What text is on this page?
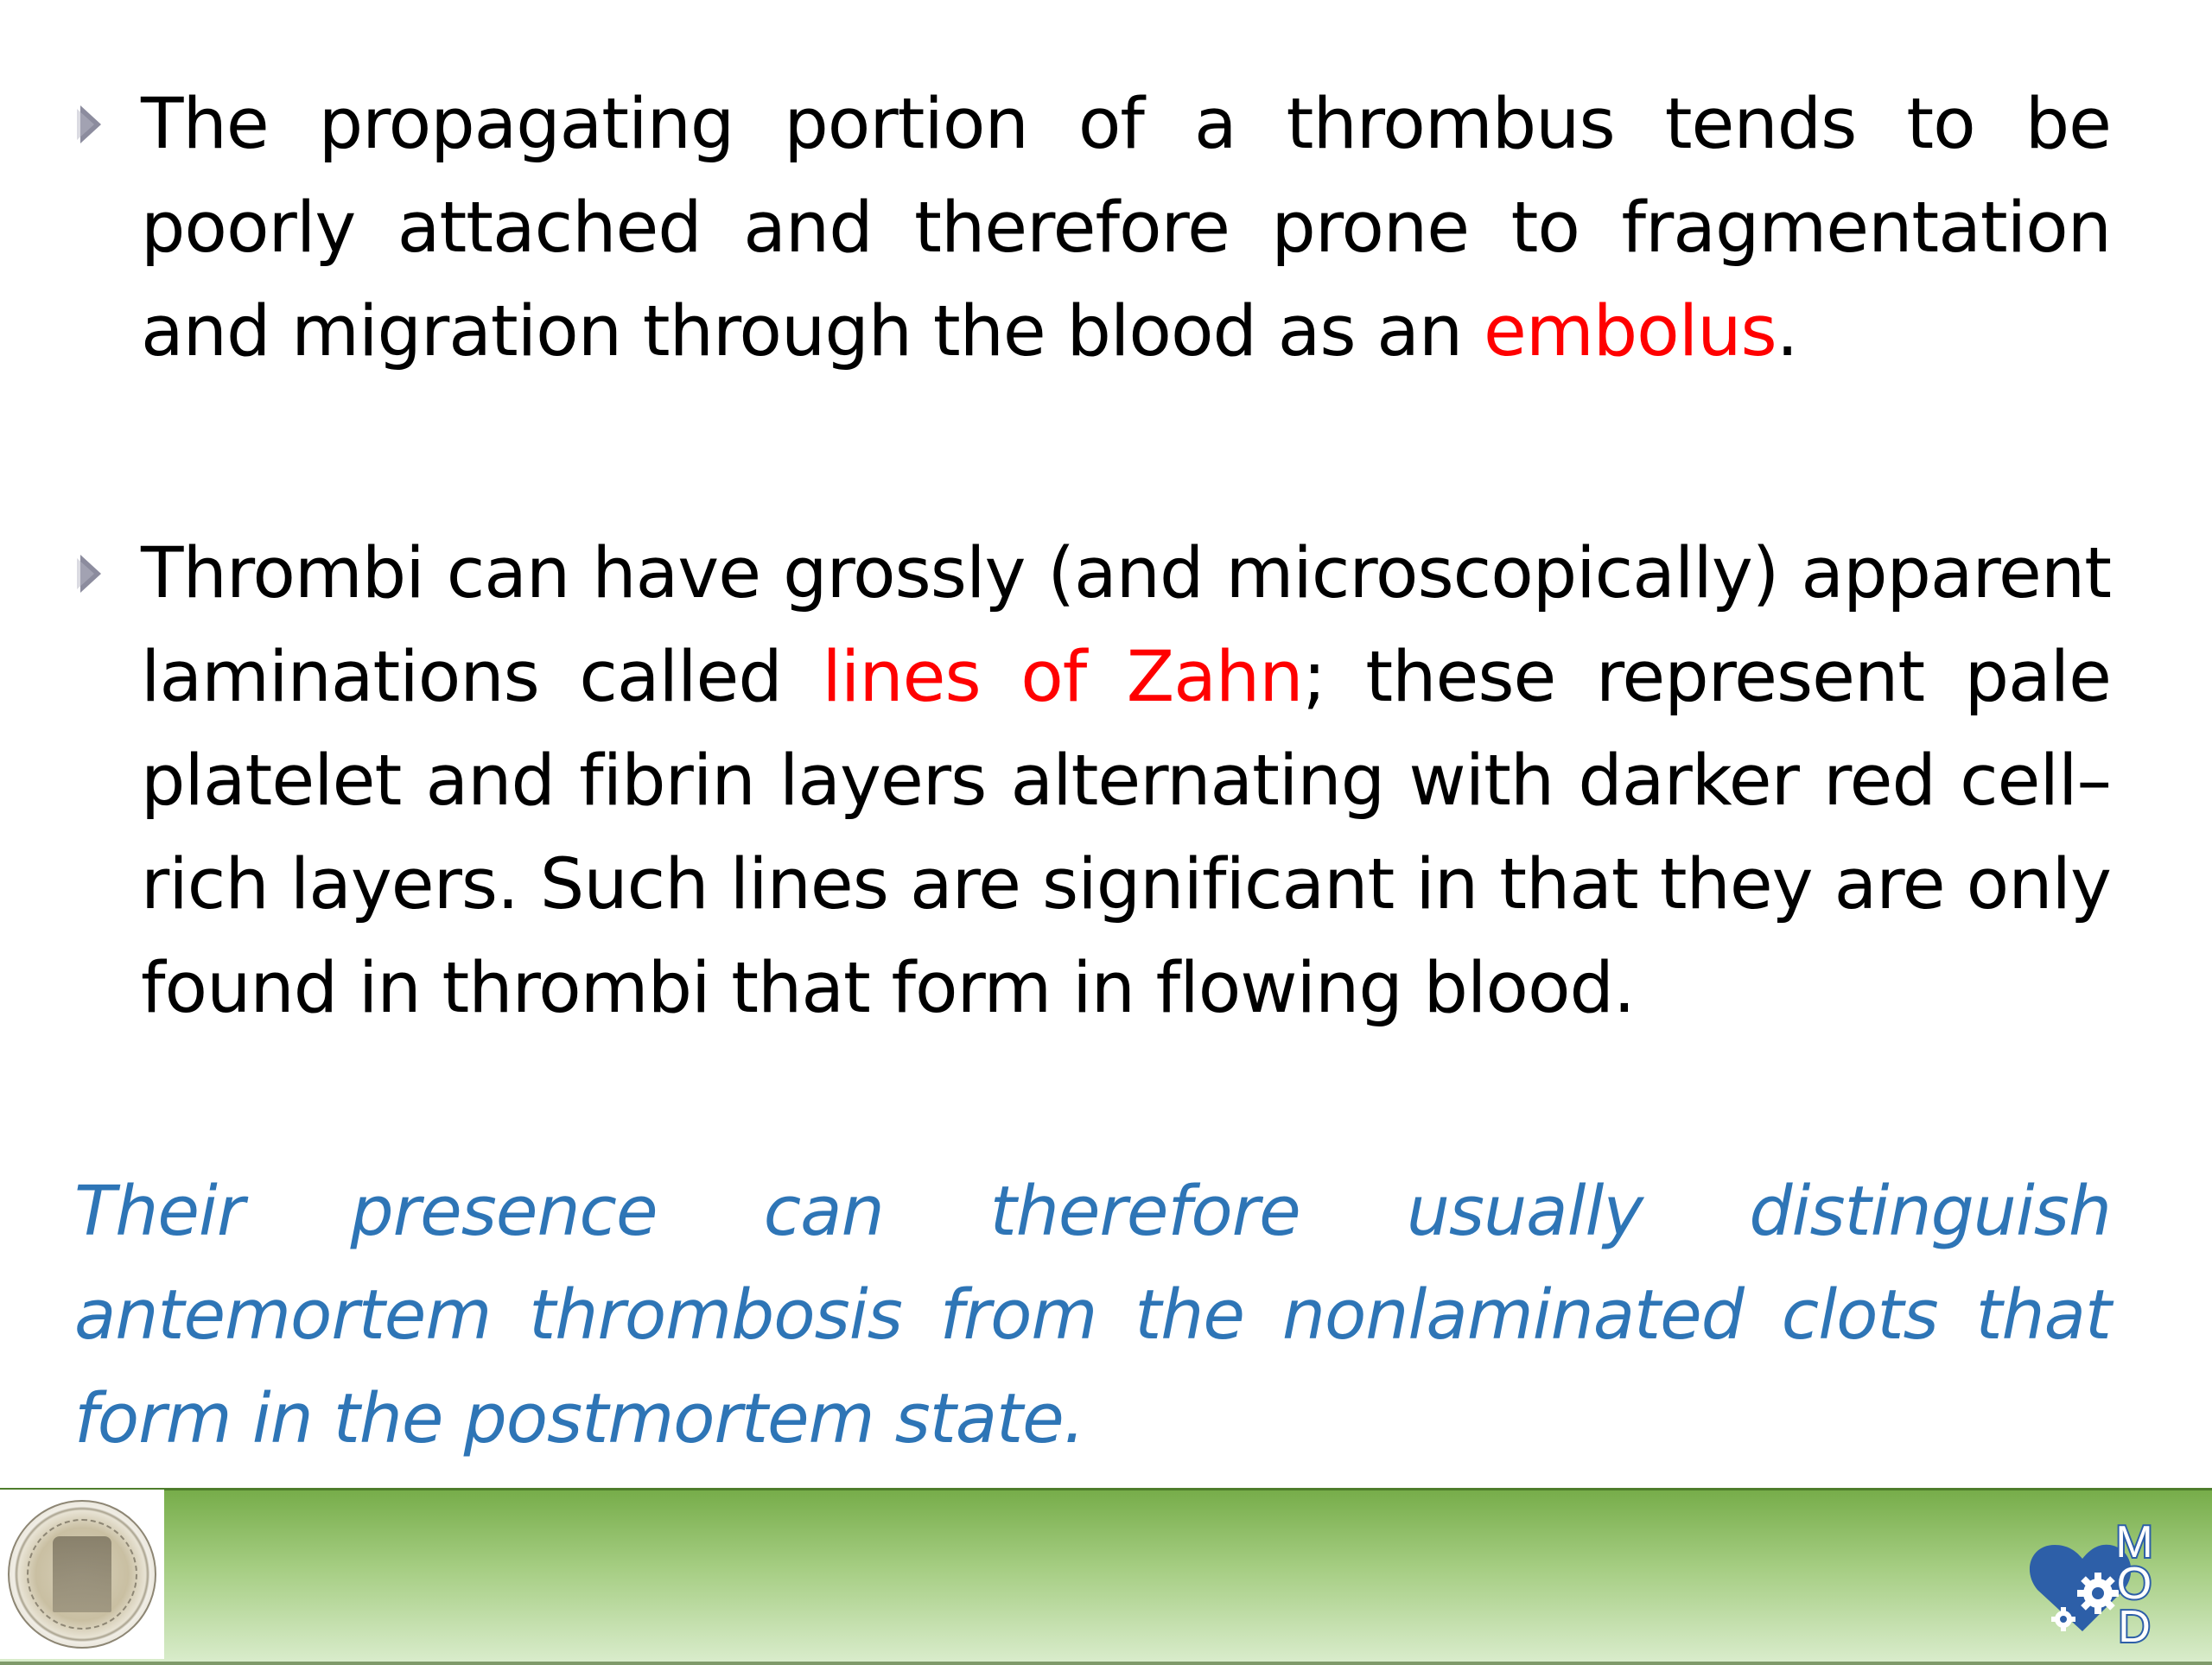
The propagating portion of a thrombus tends to be poorly attached and therefore prone to fragmentation and migration through the blood as an embolus.
Thrombi can have grossly (and microscopically) apparent laminations called lines of Zahn; these represent pale platelet and fibrin layers alternating with darker red cell–rich layers. Such lines are significant in that they are only found in thrombi that form in flowing blood.
Their presence can therefore usually distinguish antemortem thrombosis from the nonlaminated clots that form in the postmortem state.
M
O
D
